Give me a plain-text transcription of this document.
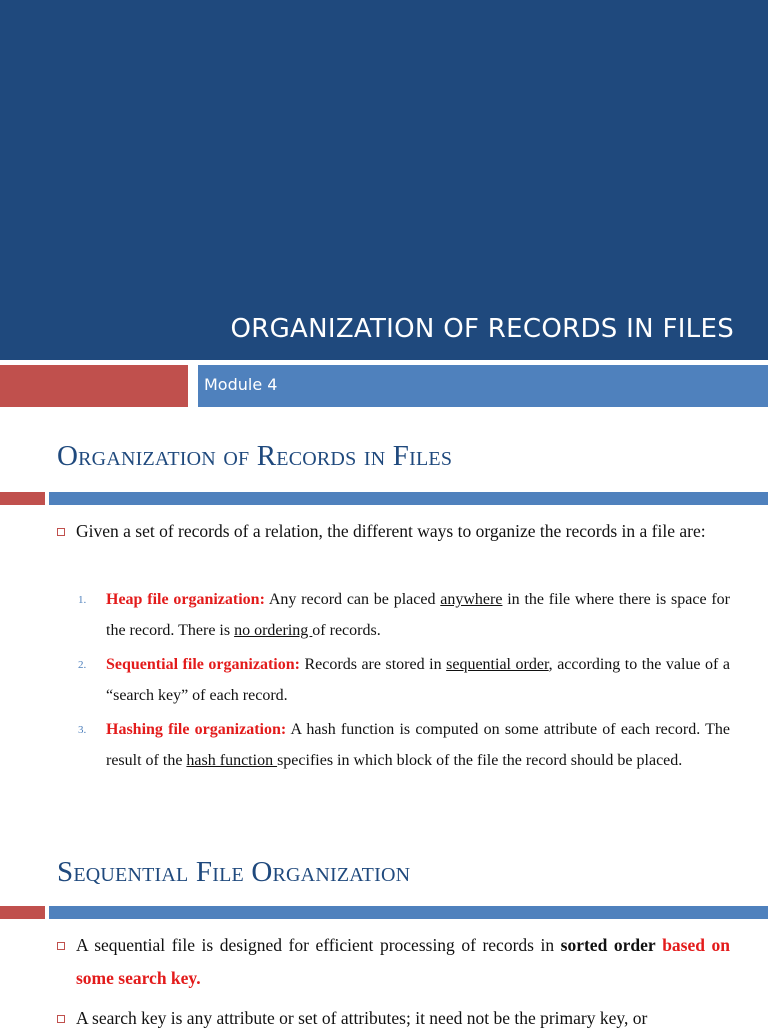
ORGANIZATION OF RECORDS IN FILES
Module 4
Organization of Records in Files
Given a set of records of a relation, the different ways to organize the records in a file are:
1.	Heap file organization: Any record can be placed anywhere in the file where there is space for the record. There is no ordering of records.
2.	Sequential file organization: Records are stored in sequential order, according to the value of a “search key” of each record.
3.	Hashing file organization: A hash function is computed on some attribute of each record. The result of the hash function specifies in which block of the file the record should be placed.
Sequential File Organization
A sequential file is designed for efficient processing of records in sorted order based on some search key.
A search key is any attribute or set of attributes; it need not be the primary key, or
